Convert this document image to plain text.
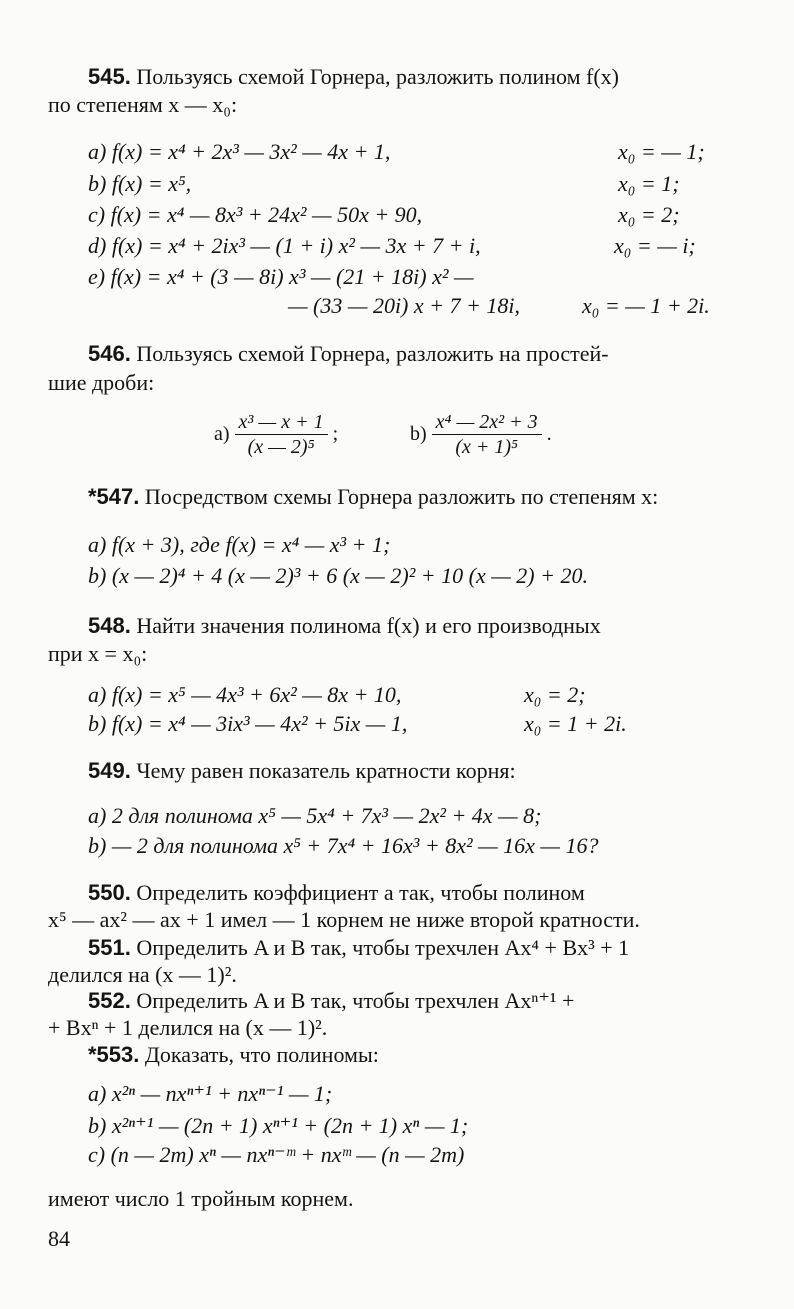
545. Пользуясь схемой Горнера, разложить полином f(x)
по степеням x — x₀:
a) f(x) = x⁴ + 2x³ — 3x² — 4x + 1,	x₀ = — 1;
b) f(x) = x⁵,	x₀ = 1;
c) f(x) = x⁴ — 8x³ + 24x² — 50x + 90,	x₀ = 2;
d) f(x) = x⁴ + 2ix³ — (1 + i) x² — 3x + 7 + i,	x₀ = — i;
e) f(x) = x⁴ + (3 — 8i) x³ — (21 + 18i) x² —
— (33 — 20i) x + 7 + 18i,	x₀ = — 1 + 2i.
546. Пользуясь схемой Горнера, разложить на простей-
шие дроби:
$a) \frac{\text{x³ — x + 1}}{\text{(x — 2)⁵}}$ ;	$b) \frac{\text{x⁴ — 2x² + 3}}{\text{(x + 1)⁵}}$ .
*547. Посредством схемы Горнера разложить по степеням x:
a) f(x + 3), где f(x) = x⁴ — x³ + 1;
b) (x — 2)⁴ + 4 (x — 2)³ + 6 (x — 2)² + 10 (x — 2) + 20.
548. Найти значения полинома f(x) и его производных
при x = x₀:
a) f(x) = x⁵ — 4x³ + 6x² — 8x + 10,	x₀ = 2;
b) f(x) = x⁴ — 3ix³ — 4x² + 5ix — 1,	x₀ = 1 + 2i.
549. Чему равен показатель кратности корня:
a) 2 для полинома x⁵ — 5x⁴ + 7x³ — 2x² + 4x — 8;
b) — 2 для полинома x⁵ + 7x⁴ + 16x³ + 8x² — 16x — 16?
550. Определить коэффициент a так, чтобы полином
x⁵ — ax² — ax + 1 имел — 1 корнем не ниже второй кратности.
551. Определить A и B так, чтобы трехчлен Ax⁴ + Bx³ + 1
делился на (x — 1)².
552. Определить A и B так, чтобы трехчлен Axⁿ⁺¹ +
+ Bxⁿ + 1 делился на (x — 1)².
*553. Доказать, что полиномы:
a) x²ⁿ — nxⁿ⁺¹ + nxⁿ⁻¹ — 1;
b) x²ⁿ⁺¹ — (2n + 1) xⁿ⁺¹ + (2n + 1) xⁿ — 1;
c) (n — 2m) xⁿ — nxⁿ⁻ᵐ + nxᵐ — (n — 2m)
имеют число 1 тройным корнем.
84
